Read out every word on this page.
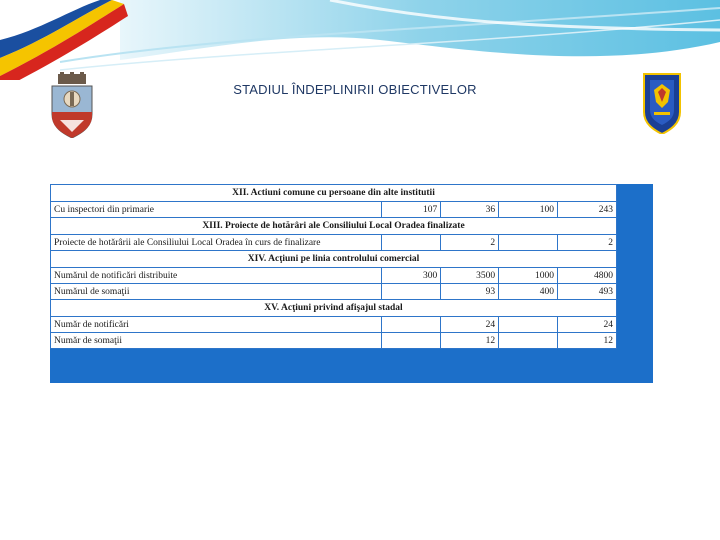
STADIUL ÎNDEPLINIRII OBIECTIVELOR
XII. Actiuni comune cu persoane din alte institutii				
Cu inspectori din primarie	107	36	100	243
XIII. Proiecte de hotărâri ale Consiliului Local Oradea finalizate				
Proiecte de hotărârii ale Consiliului Local Oradea în curs de finalizare		2		2
XIV. Acţiuni pe linia controlului comercial				
Numărul de notificări distribuite	300	3500	1000	4800
Numărul de somaţii		93	400	493
XV. Acţiuni privind afişajul stadal				
Număr de notificări		24		24
Număr de somaţii		12		12
